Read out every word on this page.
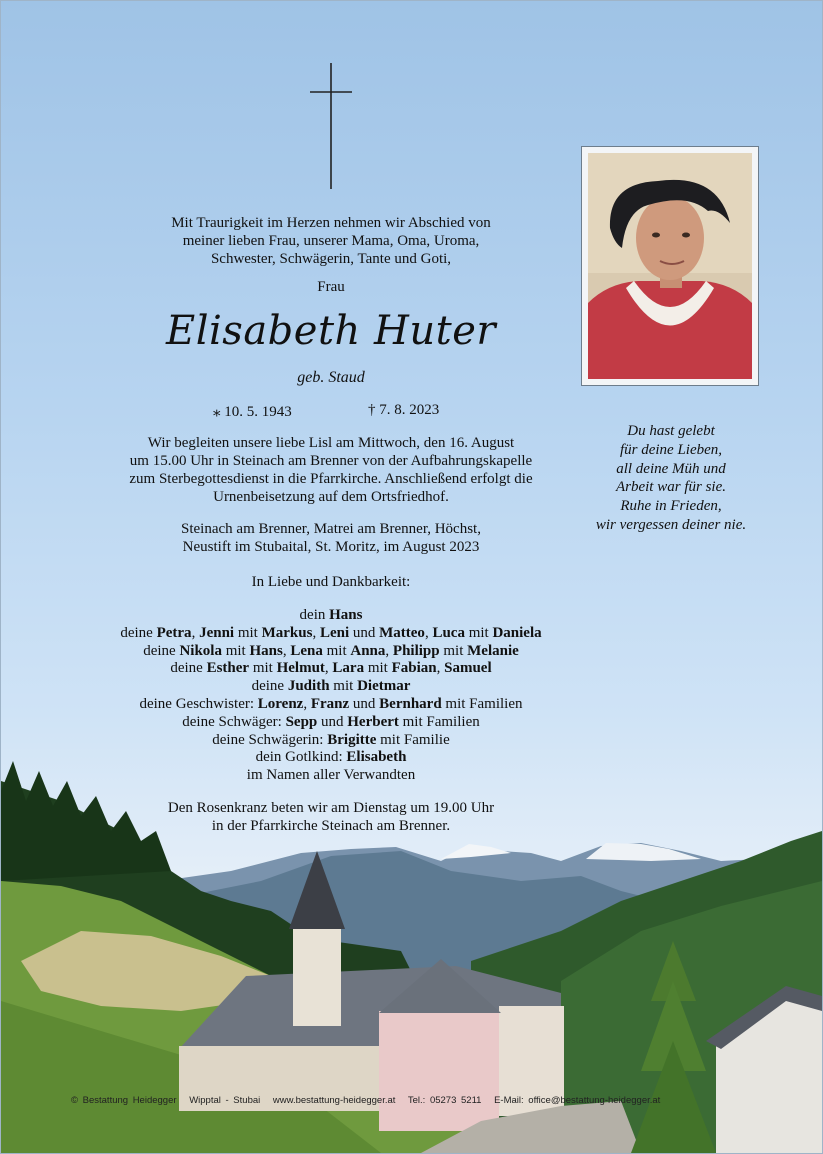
Mit Traurigkeit im Herzen nehmen wir Abschied von
meiner lieben Frau, unserer Mama, Oma, Uroma,
Schwester, Schwägerin, Tante und Goti,
Frau
Elisabeth Huter
geb. Staud
⁎ 10. 5. 1943	† 7. 8. 2023
Wir begleiten unsere liebe Lisl am Mittwoch, den 16. August
um 15.00 Uhr in Steinach am Brenner von der Aufbahrungskapelle
zum Sterbegottesdienst in die Pfarrkirche. Anschließend erfolgt die
Urnenbeisetzung auf dem Ortsfriedhof.
Steinach am Brenner, Matrei am Brenner, Höchst,
Neustift im Stubaital, St. Moritz, im August 2023
In Liebe und Dankbarkeit:
dein Hans
deine Petra, Jenni mit Markus, Leni und Matteo, Luca mit Daniela
deine Nikola mit Hans, Lena mit Anna, Philipp mit Melanie
deine Esther mit Helmut, Lara mit Fabian, Samuel
deine Judith mit Dietmar
deine Geschwister: Lorenz, Franz und Bernhard mit Familien
deine Schwäger: Sepp und Herbert mit Familien
deine Schwägerin: Brigitte mit Familie
dein Gotlkind: Elisabeth
im Namen aller Verwandten
Den Rosenkranz beten wir am Dienstag um 19.00 Uhr
in der Pfarrkirche Steinach am Brenner.
Du hast gelebt
für deine Lieben,
all deine Müh und
Arbeit war für sie.
Ruhe in Frieden,
wir vergessen deiner nie.
© Bestattung Heidegger Wipptal - Stubai www.bestattung-heidegger.at Tel.: 05273 5211 E-Mail: office@bestattung-heidegger.at
